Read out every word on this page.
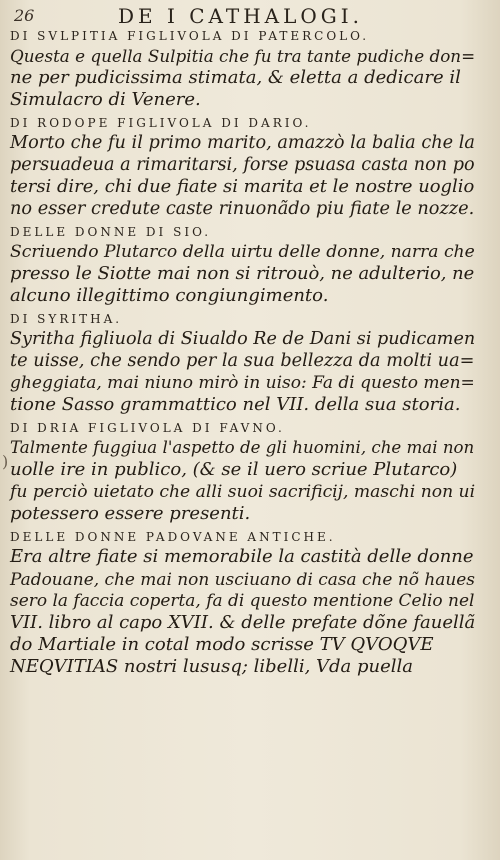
26	DE I CATHALOGI.
)
DI SVLPITIA FIGLIVOLA DI PATERCOLO.
Questa e quella Sulpitia che fu tra tante pudiche don=
ne per pudicissima stimata, & eletta a dedicare il
Simulacro di Venere.
DI RODOPE FIGLIVOLA DI DARIO.
Morto che fu il primo marito, amazzò la balia che la
persuadeua a rimaritarsi, forse psuasa casta non po
tersi dire, chi due fiate si marita et le nostre uoglio
no esser credute caste rinuonãdo piu fiate le nozze.
DELLE DONNE DI SIO.
Scriuendo Plutarco della uirtu delle donne, narra che
presso le Siotte mai non si ritrouò, ne adulterio, ne
alcuno illegittimo congiungimento.
DI SYRITHA.
Syritha figliuola di Siualdo Re de Dani si pudicamen
te uisse, che sendo per la sua bellezza da molti ua=
gheggiata, mai niuno mirò in uiso: Fa di questo men=
tione Sasso grammattico nel VII. della sua storia.
DI DRIA FIGLIVOLA DI FAVNO.
Talmente fuggiua l'aspetto de gli huomini, che mai non
uolle ire in publico, (& se il uero scriue Plutarco)
fu perciò uietato che alli suoi sacrificij, maschi non ui
potessero essere presenti.
DELLE DONNE PADOVANE ANTICHE.
Era altre fiate si memorabile la castità delle donne
Padouane, che mai non usciuano di casa che nõ haues
sero la faccia coperta, fa di questo mentione Celio nel
VII. libro al capo XVII. & delle prefate dõne fauellã
do Martiale in cotal modo scrisse TV QVOQVE
NEQVITIAS nostri lususq; libelli, Vda puella
